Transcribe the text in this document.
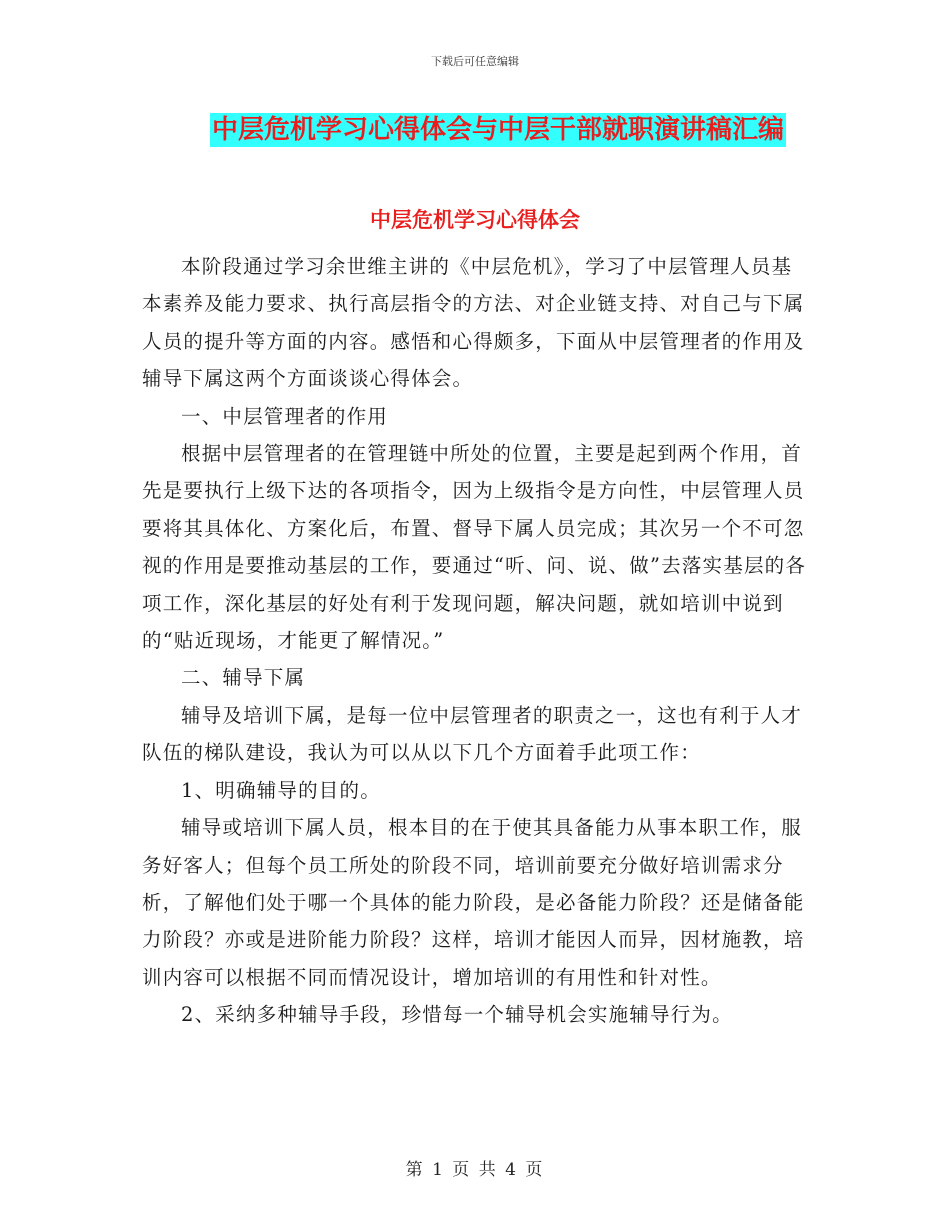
下载后可任意编辑
中层危机学习心得体会与中层干部就职演讲稿汇编
中层危机学习心得体会

本阶段通过学习余世维主讲的《中层危机》，学习了中层管理人员基本素养及能力要求、执行高层指令的方法、对企业链支持、对自己与下属人员的提升等方面的内容。感悟和心得颇多，下面从中层管理者的作用及辅导下属这两个方面谈谈心得体会。

一、中层管理者的作用

根据中层管理者的在管理链中所处的位置，主要是起到两个作用，首先是要执行上级下达的各项指令，因为上级指令是方向性，中层管理人员要将其具体化、方案化后，布置、督导下属人员完成；其次另一个不可忽视的作用是要推动基层的工作，要通过“听、问、说、做”去落实基层的各项工作，深化基层的好处有利于发现问题，解决问题，就如培训中说到的“贴近现场，才能更了解情况。”

二、辅导下属

辅导及培训下属，是每一位中层管理者的职责之一，这也有利于人才队伍的梯队建设，我认为可以从以下几个方面着手此项工作：

1、明确辅导的目的。

辅导或培训下属人员，根本目的在于使其具备能力从事本职工作，服务好客人；但每个员工所处的阶段不同，培训前要充分做好培训需求分析，了解他们处于哪一个具体的能力阶段，是必备能力阶段？还是储备能力阶段？亦或是进阶能力阶段？这样，培训才能因人而异，因材施教，培训内容可以根据不同而情况设计，增加培训的有用性和针对性。

2、采纳多种辅导手段，珍惜每一个辅导机会实施辅导行为。

第 1 页 共 4 页
